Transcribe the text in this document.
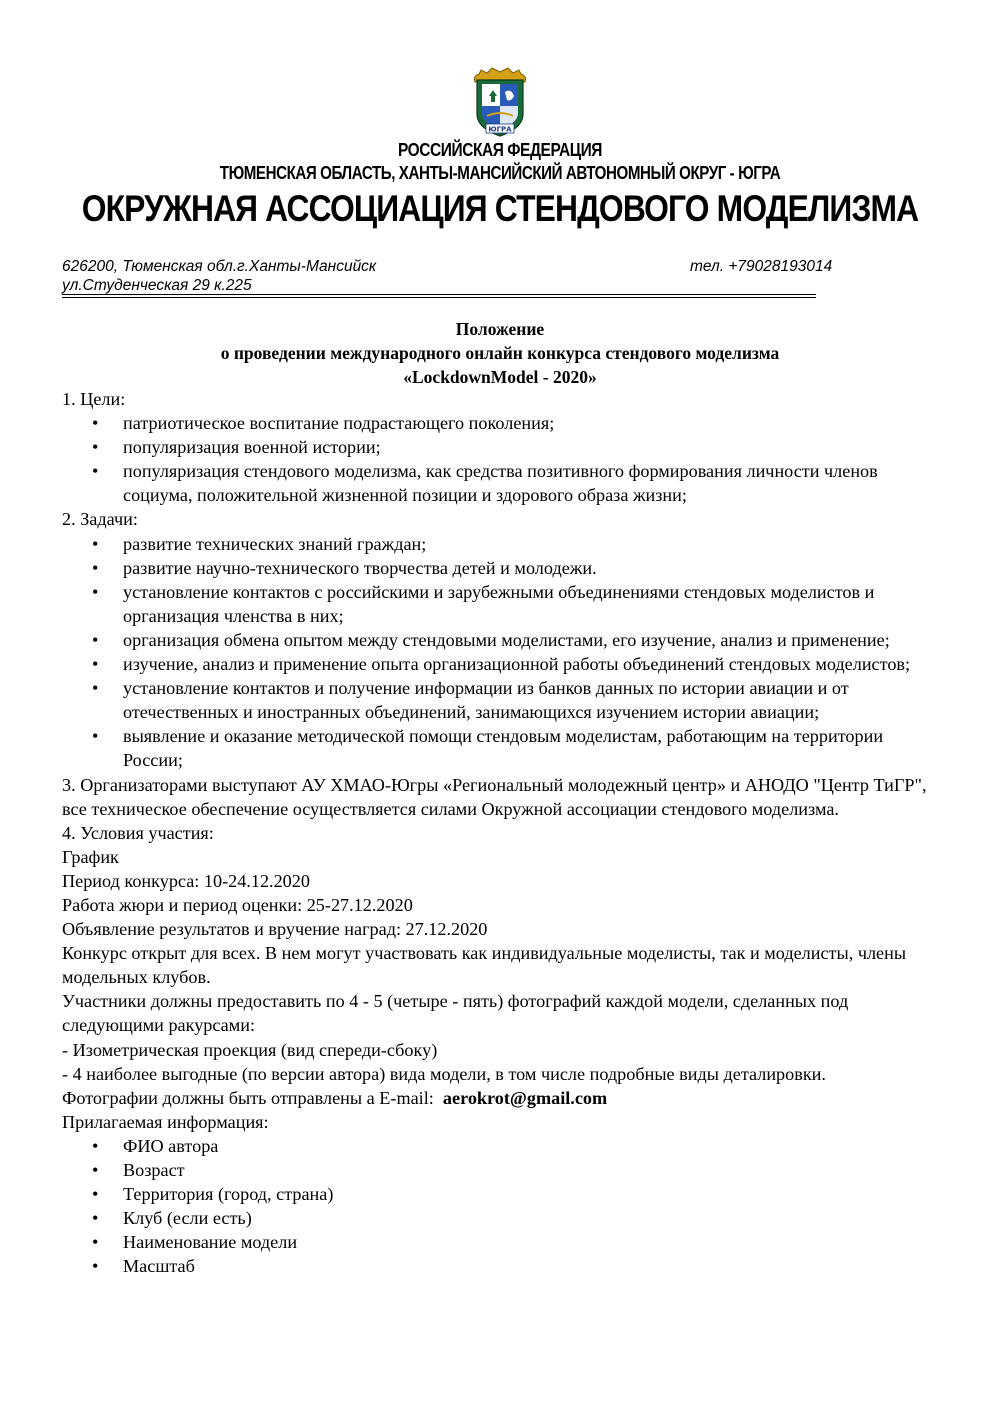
ЮГРА
РОССИЙСКАЯ ФЕДЕРАЦИЯ
ТЮМЕНСКАЯ ОБЛАСТЬ, ХАНТЫ-МАНСИЙСКИЙ АВТОНОМНЫЙ ОКРУГ - ЮГРА
ОКРУЖНАЯ АССОЦИАЦИЯ СТЕНДОВОГО МОДЕЛИЗМА
626200, Тюменская обл.г.Ханты-Мансийск
ул.Студенческая 29 к.225
тел. +79028193014
Положение
о проведении международного онлайн конкурса стендового моделизма
«LockdownModel - 2020»

1. Цели:

• патриотическое воспитание подрастающего поколения;
• популяризация военной истории;
• популяризация стендового моделизма, как средства позитивного формирования личности членов социума, положительной жизненной позиции и здорового образа жизни;

2. Задачи:

• развитие технических знаний граждан;
• развитие научно-технического творчества детей и молодежи.
• установление контактов с российскими и зарубежными объединениями стендовых моделистов и организация членства в них;
• организация обмена опытом между стендовыми моделистами, его изучение, анализ и применение;
• изучение, анализ и применение опыта организационной работы объединений стендовых моделистов;
• установление контактов и получение информации из банков данных по истории авиации и от отечественных и иностранных объединений, занимающихся изучением истории авиации;
• выявление и оказание методической помощи стендовым моделистам, работающим на территории России;

3. Организаторами выступают АУ ХМАО-Югры «Региональный молодежный центр» и АНОДО "Центр ТиГР", все техническое обеспечение осуществляется силами Окружной ассоциации стендового моделизма.

4. Условия участия:

График

Период конкурса: 10-24.12.2020

Работа жюри и период оценки: 25-27.12.2020

Объявление результатов и вручение наград: 27.12.2020

Конкурс открыт для всех. В нем могут участвовать как индивидуальные моделисты, так и моделисты, члены модельных клубов.

Участники должны предоставить по 4 - 5 (четыре - пять) фотографий каждой модели, сделанных под следующими ракурсами:

- Изометрическая проекция (вид спереди-сбоку)

- 4 наиболее выгодные (по версии автора) вида модели, в том числе подробные виды деталировки.

Фотографии должны быть отправлены а E-mail: aerokrot@gmail.com

Прилагаемая информация:

• ФИО автора
• Возраст
• Территория (город, страна)
• Клуб (если есть)
• Наименование модели
• Масштаб
